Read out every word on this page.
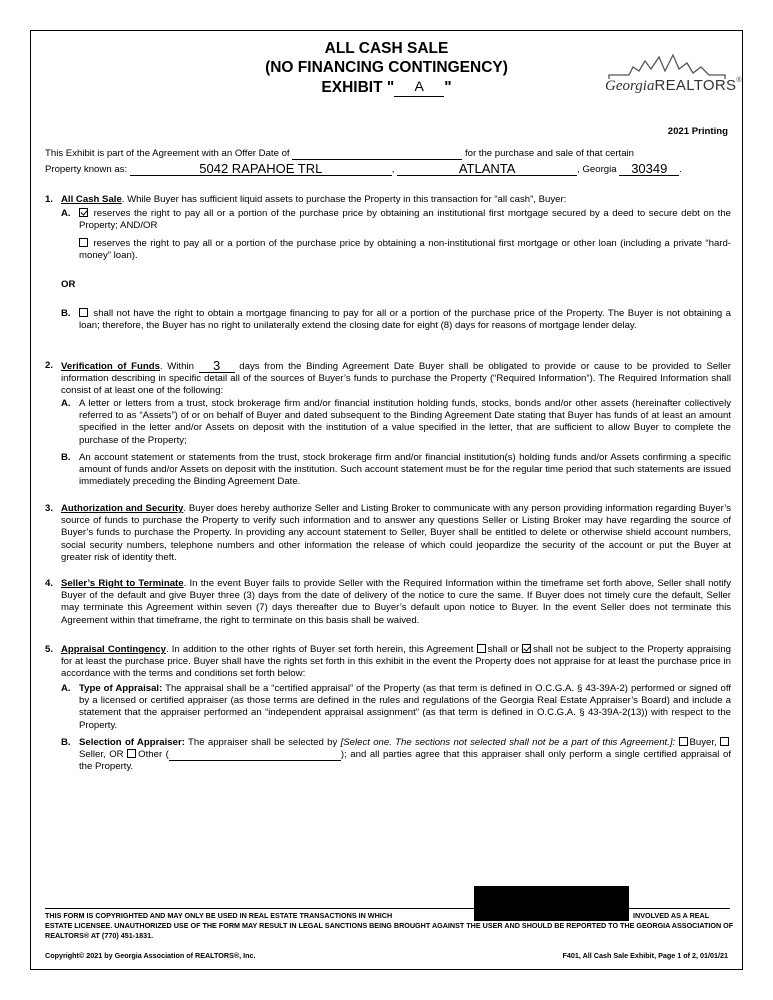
ALL CASH SALE
(NO FINANCING CONTINGENCY)
EXHIBIT " A "	GeorgiaREALTORS®
2021 Printing
This Exhibit is part of the Agreement with an Offer Date of	for the purchase and sale of that certain
Property known as:	5042 RAPAHOE TRL	,	ATLANTA	, Georgia 30349 .
1. All Cash Sale. While Buyer has sufficient liquid assets to purchase the Property in this transaction for “all cash”, Buyer:
A.	reserves the right to pay all or a portion of the purchase price by obtaining an institutional first mortgage secured by a deed to secure debt on the Property; AND/OR
reserves the right to pay all or a portion of the purchase price by obtaining a non-institutional first mortgage or other loan (including a private “hard-money” loan).
OR
B.	shall not have the right to obtain a mortgage financing to pay for all or a portion of the purchase price of the Property. The Buyer is not obtaining a loan; therefore, the Buyer has no right to unilaterally extend the closing date for eight (8) days for reasons of mortgage lender delay.
2. Verification of Funds. Within 3 days from the Binding Agreement Date Buyer shall be obligated to provide or cause to be provided to Seller information describing in specific detail all of the sources of Buyer’s funds to purchase the Property (“Required Information”). The Required Information shall consist of at least one of the following:
A. A letter or letters from a trust, stock brokerage firm and/or financial institution holding funds, stocks, bonds and/or other assets (hereinafter collectively referred to as “Assets”) of or on behalf of Buyer and dated subsequent to the Binding Agreement Date stating that Buyer has funds of at least an amount specified in the letter and/or Assets on deposit with the institution of a value specified in the letter, that are sufficient to allow Buyer to complete the purchase of the Property;
B. An account statement or statements from the trust, stock brokerage firm and/or financial institution(s) holding funds and/or Assets confirming a specific amount of funds and/or Assets on deposit with the institution. Such account statement must be for the regular time period that such statements are issued immediately preceding the Binding Agreement Date.
3. Authorization and Security. Buyer does hereby authorize Seller and Listing Broker to communicate with any person providing information regarding Buyer’s source of funds to purchase the Property to verify such information and to answer any questions Seller or Listing Broker may have regarding the source of Buyer’s funds to purchase the Property. In providing any account statement to Seller, Buyer shall be entitled to delete or otherwise shield account numbers, social security numbers, telephone numbers and other information the release of which could jeopardize the security of the account or put the Buyer at greater risk of identity theft.
4. Seller’s Right to Terminate. In the event Buyer fails to provide Seller with the Required Information within the timeframe set forth above, Seller shall notify Buyer of the default and give Buyer three (3) days from the date of delivery of the notice to cure the same. If Buyer does not timely cure the default, Seller may terminate this Agreement within seven (7) days thereafter due to Buyer’s default upon notice to Buyer. In the event Seller does not terminate this Agreement within that timeframe, the right to terminate on this basis shall be waived.
5. Appraisal Contingency. In addition to the other rights of Buyer set forth herein, this Agreement shall or shall not be subject to the Property appraising for at least the purchase price. Buyer shall have the rights set forth in this exhibit in the event the Property does not appraise for at least the purchase price in accordance with the terms and conditions set forth below:
A. Type of Appraisal: The appraisal shall be a “certified appraisal” of the Property (as that term is defined in O.C.G.A. § 43-39A-2) performed or signed off by a licensed or certified appraiser (as those terms are defined in the rules and regulations of the Georgia Real Estate Appraiser’s Board) and include a statement that the appraiser performed an “independent appraisal assignment” (as that term is defined in O.C.G.A. § 43-39A-2(13)) with respect to the Property.
B. Selection of Appraiser: The appraiser shall be selected by [Select one. The sections not selected shall not be a part of this Agreement.]: Buyer, Seller, OR Other (	); and all parties agree that this appraiser shall only perform a single certified appraisal of the Property.
THIS FORM IS COPYRIGHTED AND MAY ONLY BE USED IN REAL ESTATE TRANSACTIONS IN WHICH	INVOLVED AS A REAL
ESTATE LICENSEE. UNAUTHORIZED USE OF THE FORM MAY RESULT IN LEGAL SANCTIONS BEING BROUGHT AGAINST THE USER AND SHOULD BE REPORTED TO THE GEORGIA ASSOCIATION OF REALTORS® AT (770) 451-1831.
Copyright© 2021 by Georgia Association of REALTORS®, Inc.	F401, All Cash Sale Exhibit, Page 1 of 2, 01/01/21
